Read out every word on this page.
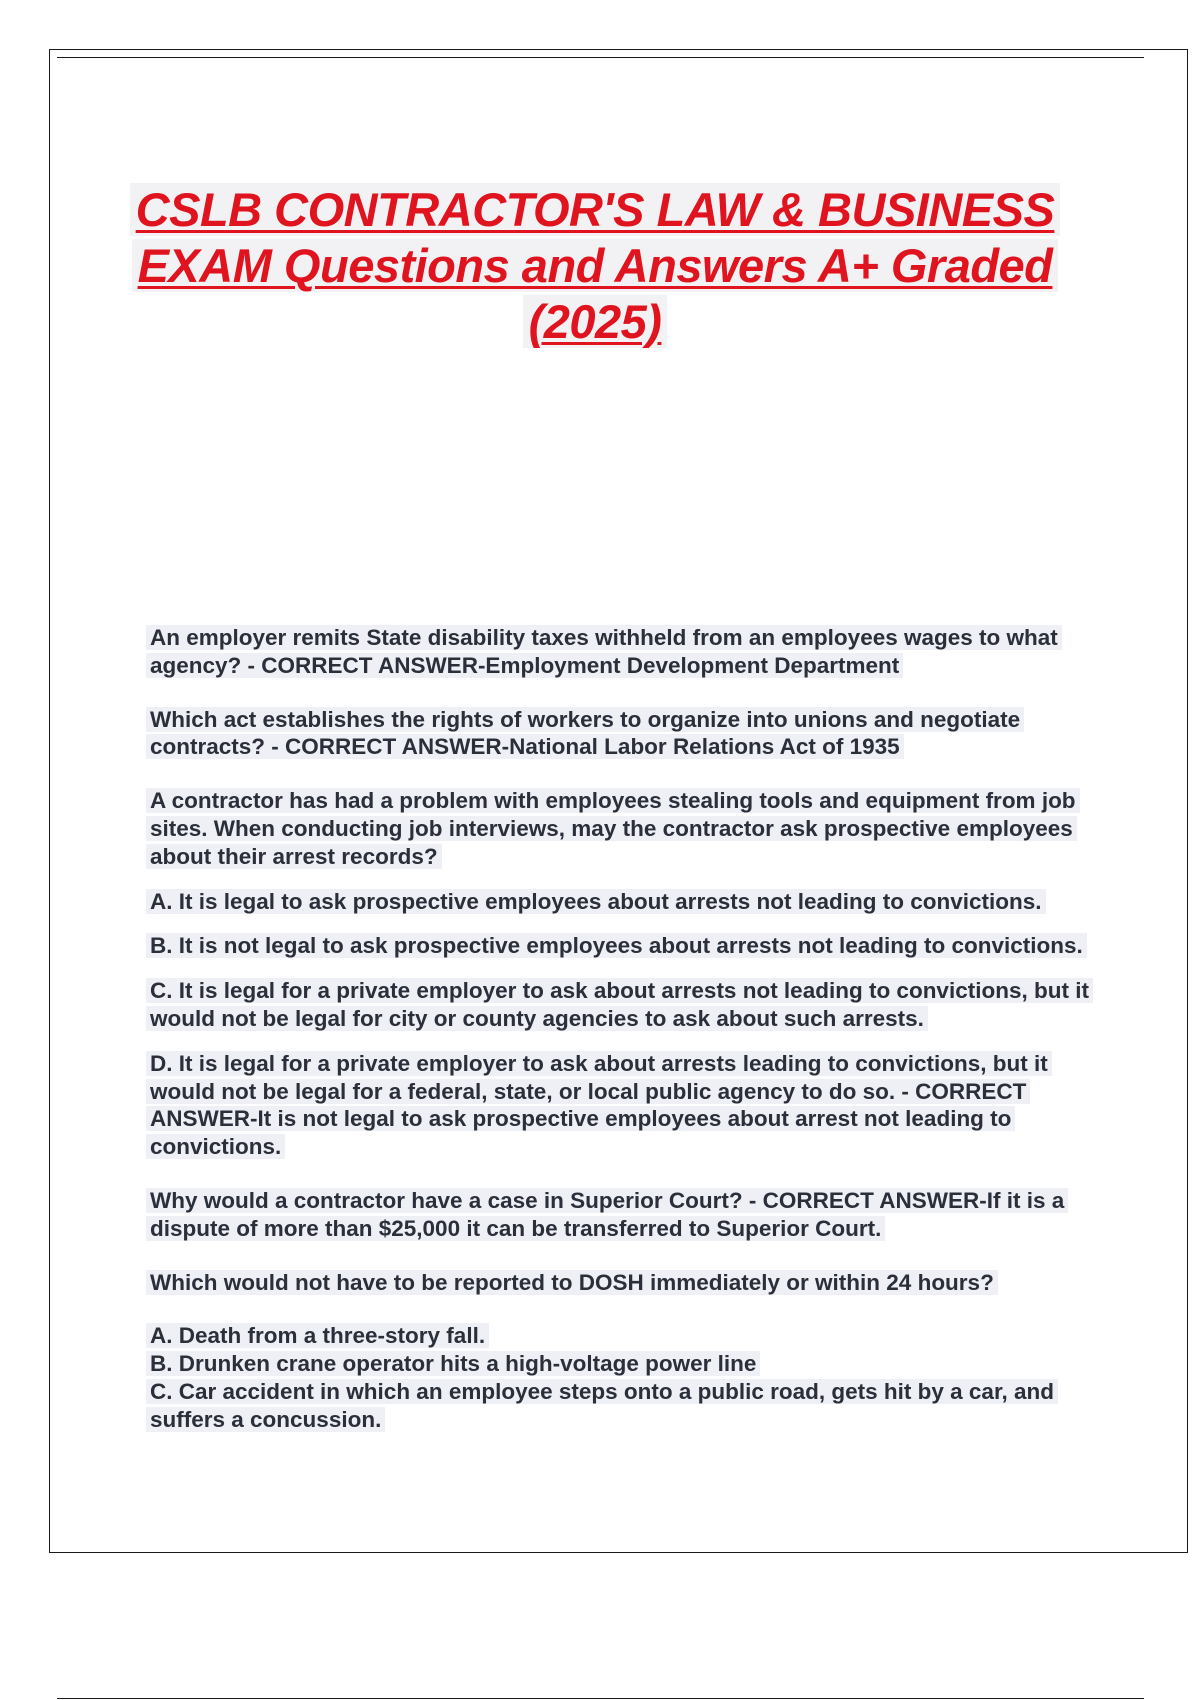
CSLB CONTRACTOR'S LAW & BUSINESS EXAM Questions and Answers A+ Graded (2025)

An employer remits State disability taxes withheld from an employees wages to what agency? - CORRECT ANSWER-Employment Development Department

Which act establishes the rights of workers to organize into unions and negotiate contracts? - CORRECT ANSWER-National Labor Relations Act of 1935

A contractor has had a problem with employees stealing tools and equipment from job sites. When conducting job interviews, may the contractor ask prospective employees about their arrest records?

A. It is legal to ask prospective employees about arrests not leading to convictions.

B. It is not legal to ask prospective employees about arrests not leading to convictions.

C. It is legal for a private employer to ask about arrests not leading to convictions, but it would not be legal for city or county agencies to ask about such arrests.

D. It is legal for a private employer to ask about arrests leading to convictions, but it would not be legal for a federal, state, or local public agency to do so. - CORRECT ANSWER-It is not legal to ask prospective employees about arrest not leading to convictions.

Why would a contractor have a case in Superior Court? - CORRECT ANSWER-If it is a dispute of more than $25,000 it can be transferred to Superior Court.

Which would not have to be reported to DOSH immediately or within 24 hours?

A. Death from a three-story fall.

B. Drunken crane operator hits a high-voltage power line

C. Car accident in which an employee steps onto a public road, gets hit by a car, and suffers a concussion.
